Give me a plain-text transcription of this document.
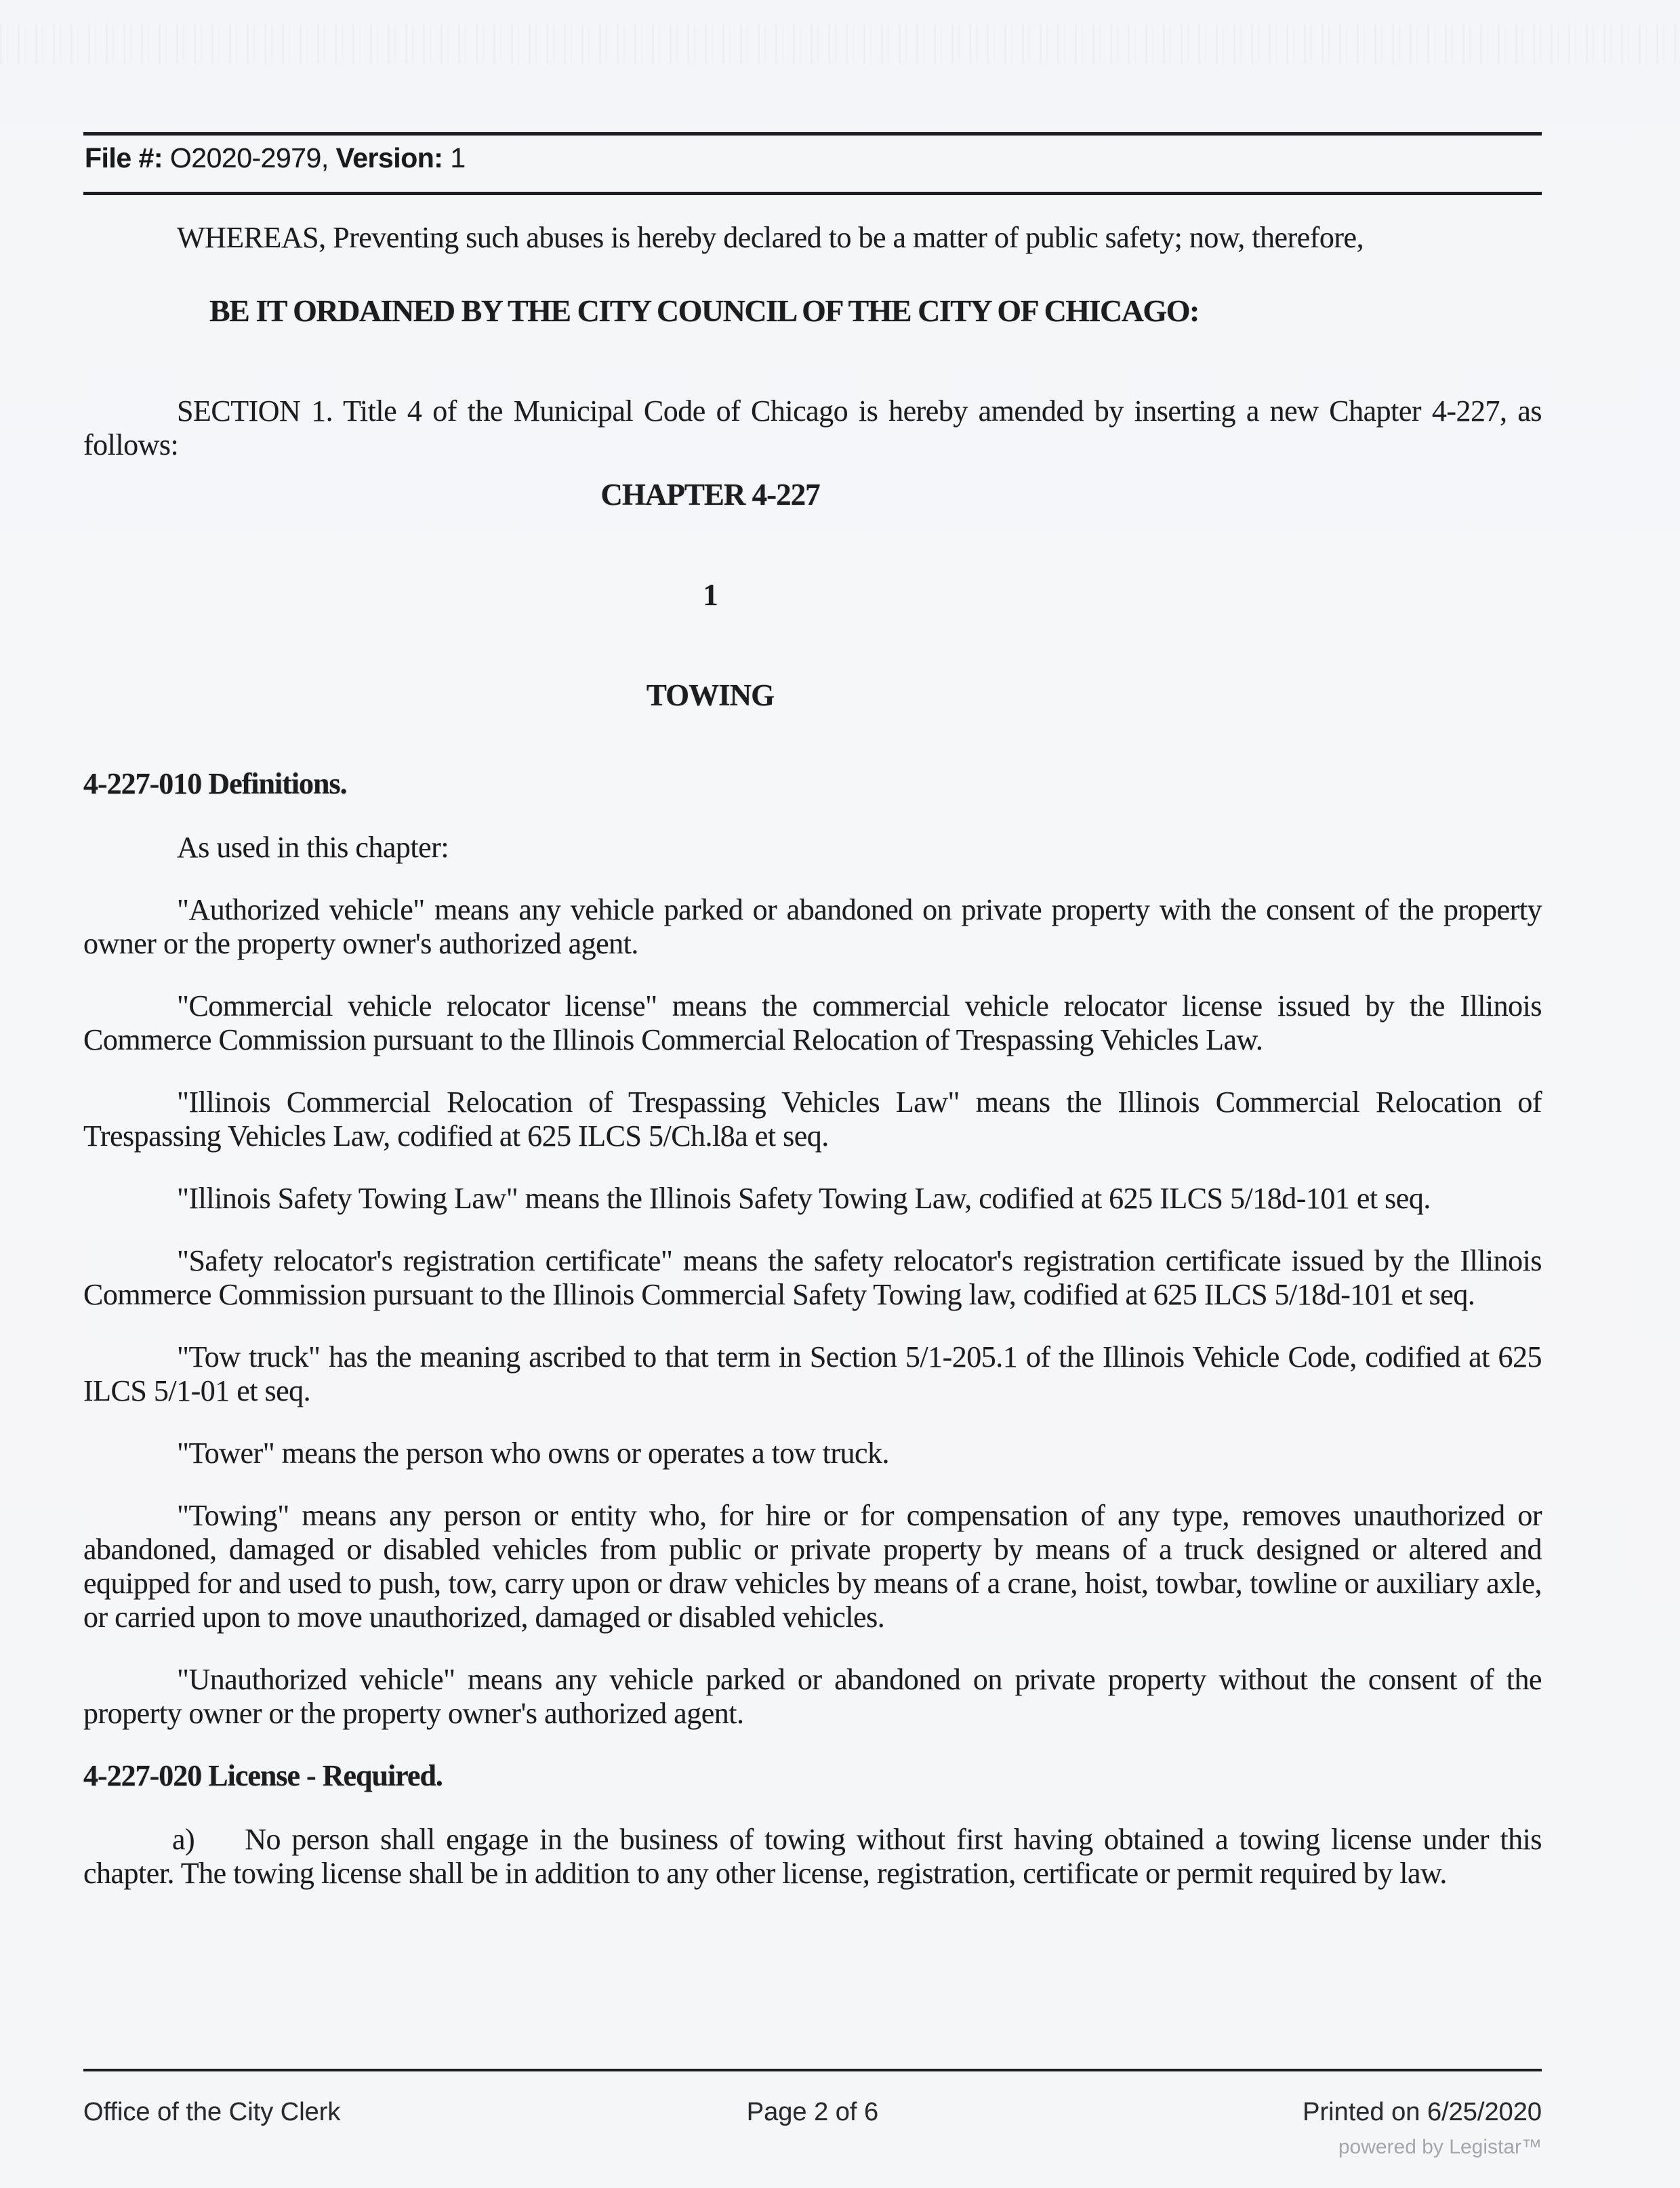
File #: O2020-2979, Version: 1

WHEREAS, Preventing such abuses is hereby declared to be a matter of public safety; now, therefore,

BE IT ORDAINED BY THE CITY COUNCIL OF THE CITY OF CHICAGO:

SECTION 1. Title 4 of the Municipal Code of Chicago is hereby amended by inserting a new Chapter 4-227, as follows:

CHAPTER 4-227

1

TOWING

4-227-010 Definitions.

As used in this chapter:

"Authorized vehicle" means any vehicle parked or abandoned on private property with the consent of the property owner or the property owner's authorized agent.

"Commercial vehicle relocator license" means the commercial vehicle relocator license issued by the Illinois Commerce Commission pursuant to the Illinois Commercial Relocation of Trespassing Vehicles Law.

"Illinois Commercial Relocation of Trespassing Vehicles Law" means the Illinois Commercial Relocation of Trespassing Vehicles Law, codified at 625 ILCS 5/Ch.l8a et seq.

"Illinois Safety Towing Law" means the Illinois Safety Towing Law, codified at 625 ILCS 5/18d-101 et seq.

"Safety relocator's registration certificate" means the safety relocator's registration certificate issued by the Illinois Commerce Commission pursuant to the Illinois Commercial Safety Towing law, codified at 625 ILCS 5/18d-101 et seq.

"Tow truck" has the meaning ascribed to that term in Section 5/1-205.1 of the Illinois Vehicle Code, codified at 625 ILCS 5/1-01 et seq.

"Tower" means the person who owns or operates a tow truck.

"Towing" means any person or entity who, for hire or for compensation of any type, removes unauthorized or abandoned, damaged or disabled vehicles from public or private property by means of a truck designed or altered and equipped for and used to push, tow, carry upon or draw vehicles by means of a crane, hoist, towbar, towline or auxiliary axle, or carried upon to move unauthorized, damaged or disabled vehicles.

"Unauthorized vehicle" means any vehicle parked or abandoned on private property without the consent of the property owner or the property owner's authorized agent.

4-227-020 License - Required.

a) No person shall engage in the business of towing without first having obtained a towing license under this chapter. The towing license shall be in addition to any other license, registration, certificate or permit required by law.

Office of the City Clerk	Page 2 of 6	Printed on 6/25/2020
powered by Legistar™
